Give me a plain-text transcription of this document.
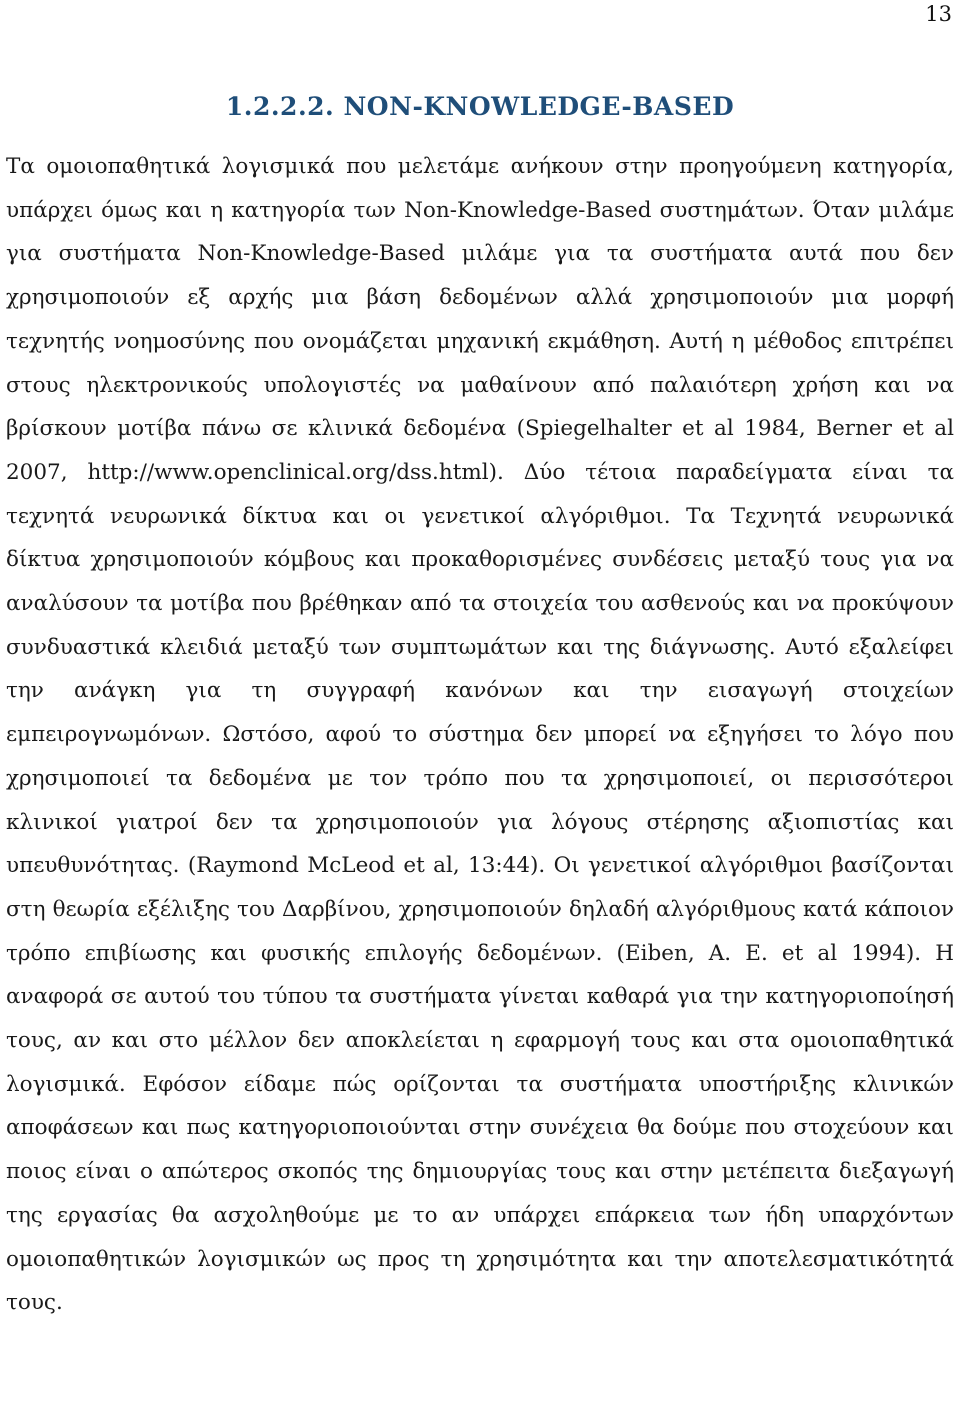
13
1.2.2.2. NON-KNOWLEDGE-BASED

Τα ομοιοπαθητικά λογισμικά που μελετάμε ανήκουν στην προηγούμενη κατηγορία, υπάρχει όμως και η κατηγορία των Non-Knowledge-Based συστημάτων. Όταν μιλάμε για συστήματα Non-Knowledge-Based μιλάμε για τα συστήματα αυτά που δεν χρησιμοποιούν εξ αρχής μια βάση δεδομένων αλλά χρησιμοποιούν μια μορφή τεχνητής νοημοσύνης που ονομάζεται μηχανική εκμάθηση. Αυτή η μέθοδος επιτρέπει στους ηλεκτρονικούς υπολογιστές να μαθαίνουν από παλαιότερη χρήση και να βρίσκουν μοτίβα πάνω σε κλινικά δεδομένα (Spiegelhalter et al 1984, Berner et al 2007, http://www.openclinical.org/dss.html). Δύο τέτοια παραδείγματα είναι τα τεχνητά νευρωνικά δίκτυα και οι γενετικοί αλγόριθμοι. Τα Τεχνητά νευρωνικά δίκτυα χρησιμοποιούν κόμβους και προκαθορισμένες συνδέσεις μεταξύ τους για να αναλύσουν τα μοτίβα που βρέθηκαν από τα στοιχεία του ασθενούς και να προκύψουν συνδυαστικά κλειδιά μεταξύ των συμπτωμάτων και της διάγνωσης. Αυτό εξαλείφει την ανάγκη για τη συγγραφή κανόνων και την εισαγωγή στοιχείων εμπειρογνωμόνων. Ωστόσο, αφού το σύστημα δεν μπορεί να εξηγήσει το λόγο που χρησιμοποιεί τα δεδομένα με τον τρόπο που τα χρησιμοποιεί, οι περισσότεροι κλινικοί γιατροί δεν τα χρησιμοποιούν για λόγους στέρησης αξιοπιστίας και υπευθυνότητας. (Raymond McLeod et al, 13:44). Οι γενετικοί αλγόριθμοι βασίζονται στη θεωρία εξέλιξης του Δαρβίνου, χρησιμοποιούν δηλαδή αλγόριθμους κατά κάποιον τρόπο επιβίωσης και φυσικής επιλογής δεδομένων. (Eiben, A. E. et al 1994). Η αναφορά σε αυτού του τύπου τα συστήματα γίνεται καθαρά για την κατηγοριοποίησή τους, αν και στο μέλλον δεν αποκλείεται η εφαρμογή τους και στα ομοιοπαθητικά λογισμικά. Εφόσον είδαμε πώς ορίζονται τα συστήματα υποστήριξης κλινικών αποφάσεων και πως κατηγοριοποιούνται στην συνέχεια θα δούμε που στοχεύουν και ποιος είναι ο απώτερος σκοπός της δημιουργίας τους και στην μετέπειτα διεξαγωγή της εργασίας θα ασχοληθούμε με το αν υπάρχει επάρκεια των ήδη υπαρχόντων ομοιοπαθητικών λογισμικών ως προς τη χρησιμότητα και την αποτελεσματικότητά τους.
